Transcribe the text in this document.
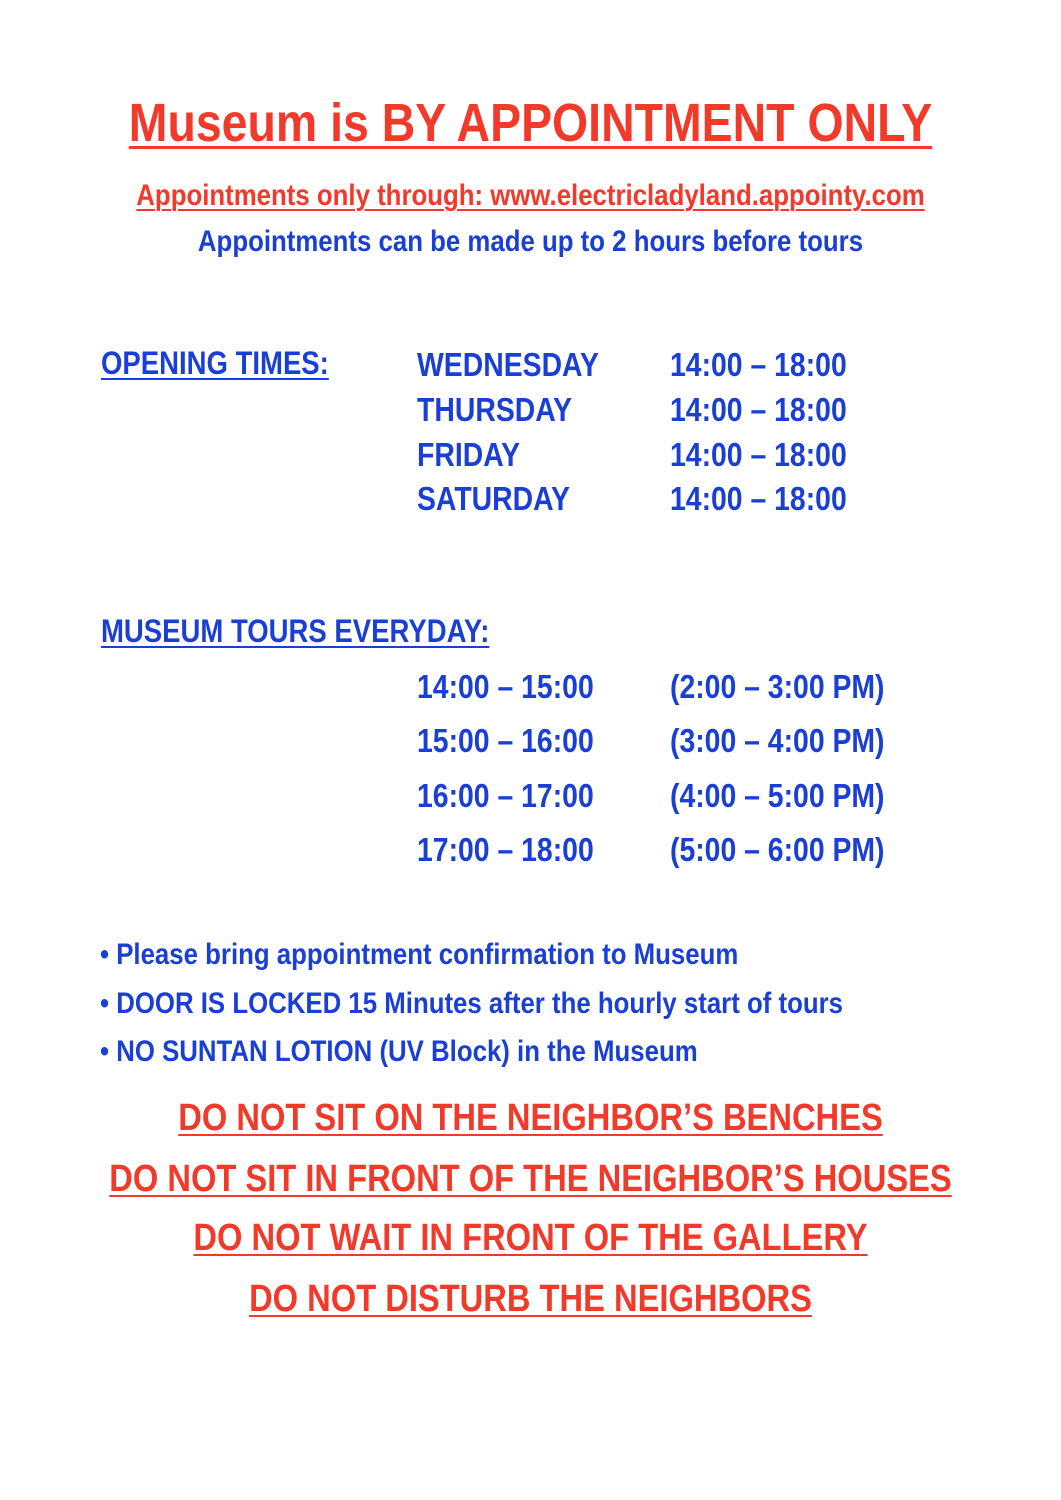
Museum is BY APPOINTMENT ONLY
Appointments only through: www.electricladyland.appointy.com
Appointments can be made up to 2 hours before tours
OPENING TIMES:	WEDNESDAY	14:00 – 18:00
THURSDAY	14:00 – 18:00
FRIDAY	14:00 – 18:00
SATURDAY	14:00 – 18:00
MUSEUM TOURS EVERYDAY:
14:00 – 15:00	(2:00 – 3:00 PM)
15:00 – 16:00	(3:00 – 4:00 PM)
16:00 – 17:00	(4:00 – 5:00 PM)
17:00 – 18:00	(5:00 – 6:00 PM)
• Please bring appointment confirmation to Museum
• DOOR IS LOCKED 15 Minutes after the hourly start of tours
• NO SUNTAN LOTION (UV Block) in the Museum
DO NOT SIT ON THE NEIGHBOR’S BENCHES
DO NOT SIT IN FRONT OF THE NEIGHBOR’S HOUSES
DO NOT WAIT IN FRONT OF THE GALLERY
DO NOT DISTURB THE NEIGHBORS
